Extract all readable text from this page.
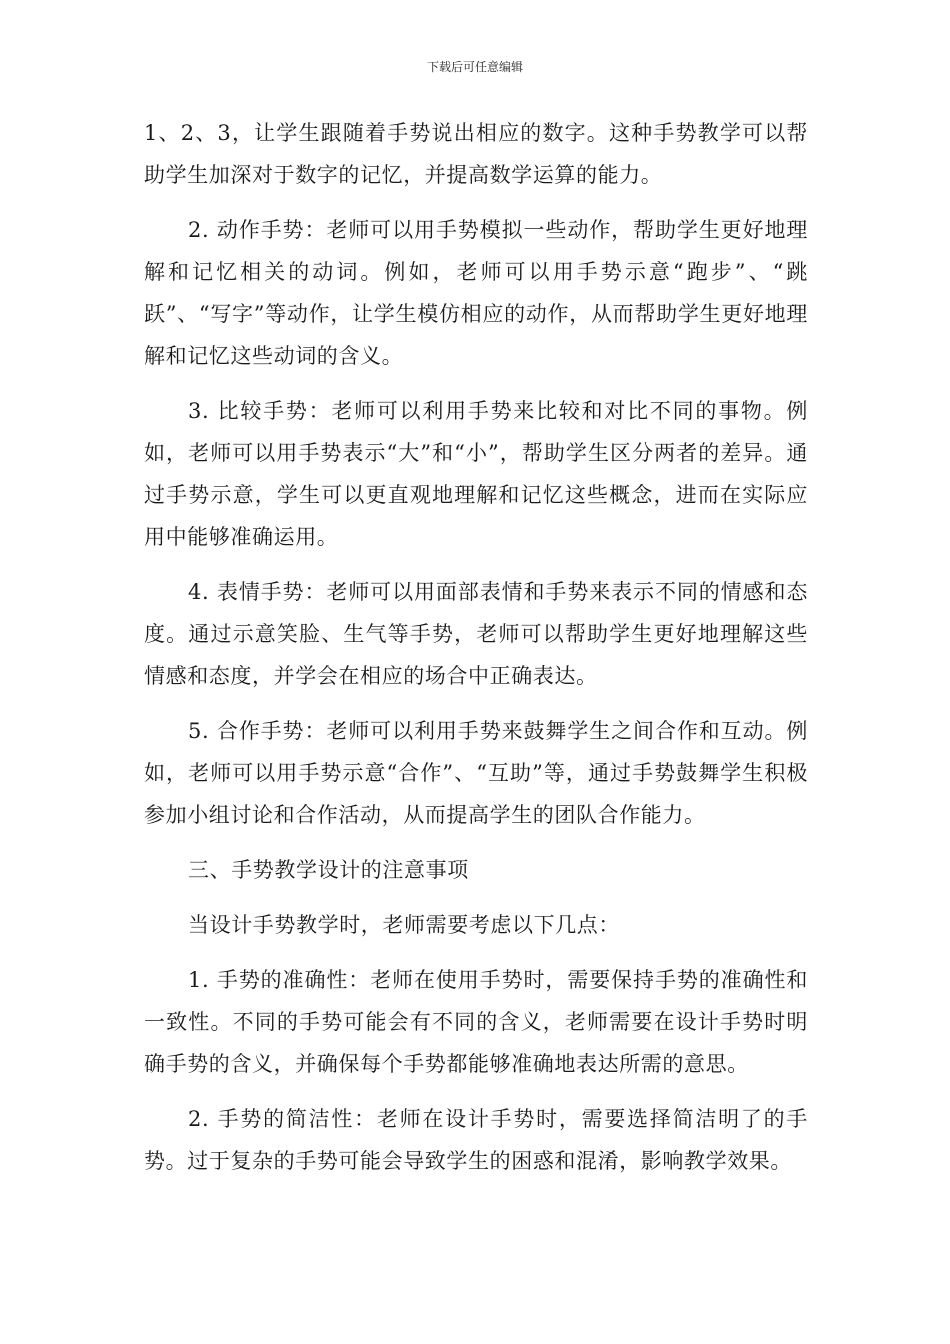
下载后可任意编辑

1、2、3，让学生跟随着手势说出相应的数字。这种手势教学可以帮助学生加深对于数字的记忆，并提高数学运算的能力。

2. 动作手势：老师可以用手势模拟一些动作，帮助学生更好地理解和记忆相关的动词。例如，老师可以用手势示意“跑步”、“跳跃”、“写字”等动作，让学生模仿相应的动作，从而帮助学生更好地理解和记忆这些动词的含义。

3. 比较手势：老师可以利用手势来比较和对比不同的事物。例如，老师可以用手势表示“大”和“小”，帮助学生区分两者的差异。通过手势示意，学生可以更直观地理解和记忆这些概念，进而在实际应用中能够准确运用。

4. 表情手势：老师可以用面部表情和手势来表示不同的情感和态度。通过示意笑脸、生气等手势，老师可以帮助学生更好地理解这些情感和态度，并学会在相应的场合中正确表达。

5. 合作手势：老师可以利用手势来鼓舞学生之间合作和互动。例如，老师可以用手势示意“合作”、“互助”等，通过手势鼓舞学生积极参加小组讨论和合作活动，从而提高学生的团队合作能力。

三、手势教学设计的注意事项

当设计手势教学时，老师需要考虑以下几点：

1. 手势的准确性：老师在使用手势时，需要保持手势的准确性和一致性。不同的手势可能会有不同的含义，老师需要在设计手势时明确手势的含义，并确保每个手势都能够准确地表达所需的意思。

2. 手势的简洁性：老师在设计手势时，需要选择简洁明了的手势。过于复杂的手势可能会导致学生的困惑和混淆，影响教学效果。
